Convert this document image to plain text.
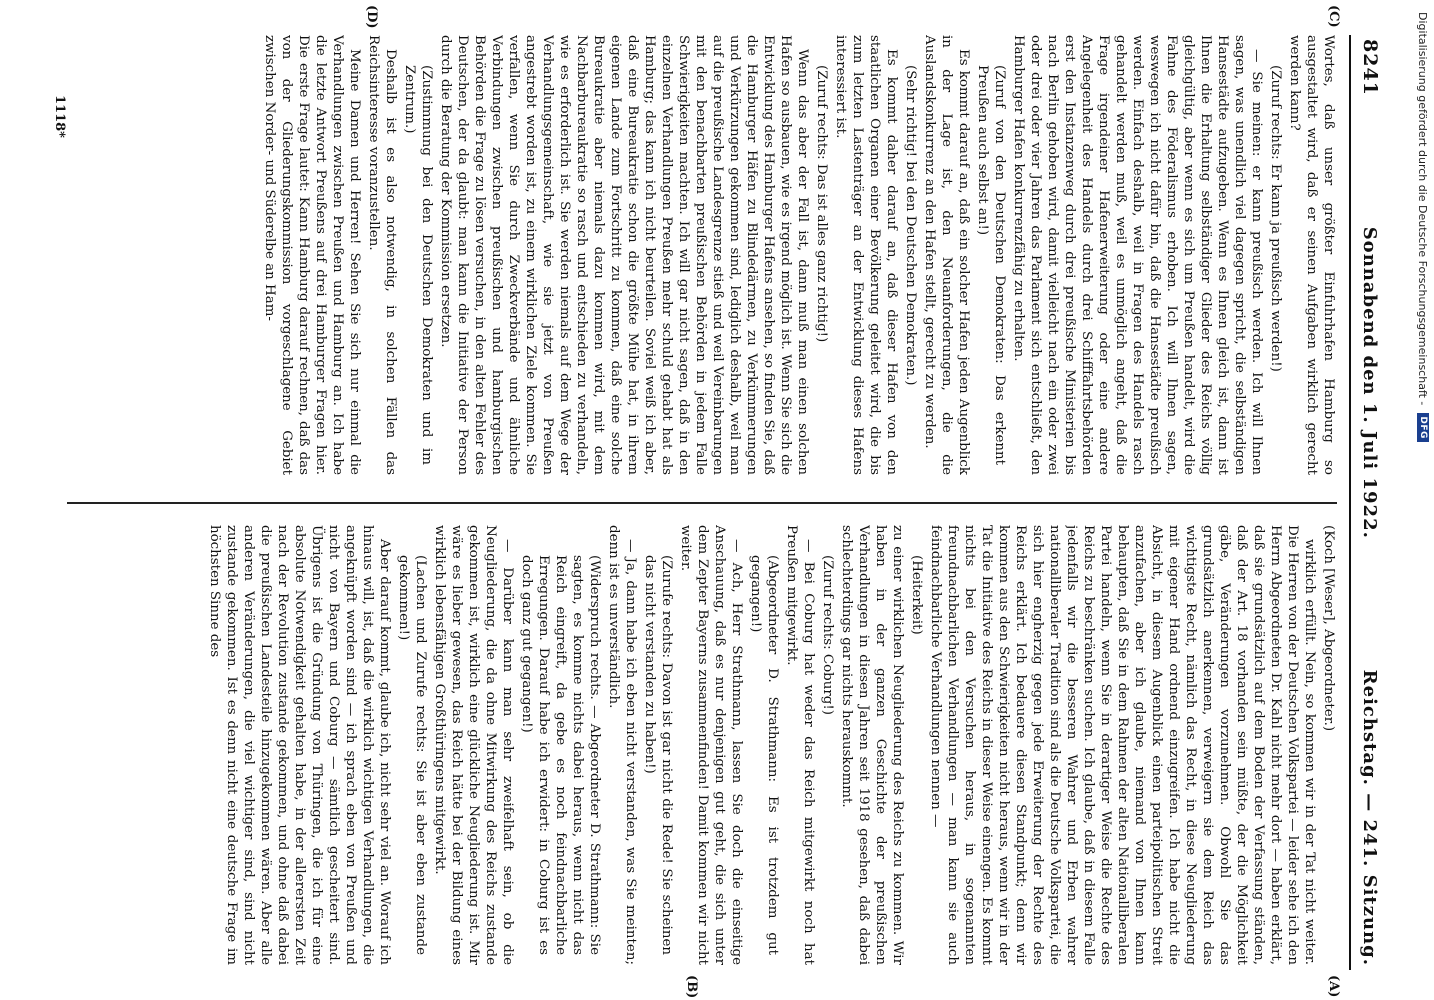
Digitalisierung gefördert durch die Deutsche Forschungsgemeinschaft -
DFG
8241
Sonnabend den 1. Juli 1922.
Reichstag. — 241. Sitzung.
(C)
(D)
(A)
(B)

Wortes, daß unser größter Einfuhrhafen Hamburg so ausgestaltet wird, daß er seinen Aufgaben wirklich gerecht werden kann?

(Zuruf rechts: Er kann ja preußisch werden!)

— Sie meinen: er kann preußisch werden. Ich will Ihnen sagen, was unendlich viel dagegen spricht, die selbständigen Hansestädte aufzugeben. Wenn es Ihnen gleich ist, dann ist Ihnen die Erhaltung selbständiger Glieder des Reichs völlig gleichgültig, aber wenn es sich um Preußen handelt, wird die Fahne des Föderalismus erhoben. Ich will Ihnen sagen, weswegen ich nicht dafür bin, daß die Hansestädte preußisch werden. Einfach deshalb, weil in Fragen des Handels rasch gehandelt werden muß, weil es unmöglich angeht, daß die Frage irgendeiner Hafenerweiterung oder eine andere Angelegenheit des Handels durch drei Schifffahrtsbehörden erst den Instanzenweg durch drei preußische Ministerien bis nach Berlin gehoben wird, damit vielleicht nach ein oder zwei oder drei oder vier Jahren das Parlament sich entschließt, den Hamburger Hafen konkurrenzfähig zu erhalten.

(Zuruf von den Deutschen Demokraten: Das erkennt Preußen auch selbst an!)

Es kommt darauf an, daß ein solcher Hafen jeden Augenblick in der Lage ist, den Neuanforderungen, die die Auslandskonkurrenz an den Hafen stellt, gerecht zu werden.

(Sehr richtig! bei den Deutschen Demokraten.)

Es kommt daher darauf an, daß dieser Hafen von den staatlichen Organen einer Bevölkerung geleitet wird, die bis zum letzten Lastenträger an der Entwicklung dieses Hafens interessiert ist.

(Zuruf rechts: Das ist alles ganz richtig!)

Wenn das aber der Fall ist, dann muß man einen solchen Hafen so ausbauen, wie es irgend möglich ist. Wenn Sie sich die Entwicklung des Hamburger Hafens ansehen, so finden Sie, daß die Hamburger Häfen zu Blindedärmen, zu Verkümmerungen und Verkürzungen gekommen sind, lediglich deshalb, weil man auf die preußische Landesgrenze stieß und weil Vereinbarungen mit den benachbarten preußischen Behörden in jedem Falle Schwierigkeiten machten. Ich will gar nicht sagen, daß in den einzelnen Verhandlungen Preußen mehr schuld gehabt hat als Hamburg; das kann ich nicht beurteilen. Soviel weiß ich aber, daß eine Bureaukratie schon die größte Mühe hat, in ihrem eigenen Lande zum Fortschritt zu kommen, daß eine solche Bureaukratie aber niemals dazu kommen wird, mit dem Nachbarbureaukratie so rasch und entschieden zu verhandeln, wie es erforderlich ist. Sie werden niemals auf dem Wege der Verhandlungsgemeinschaft, wie sie jetzt von Preußen angestrebt worden ist, zu einem wirklichen Ziele kommen. Sie verfallen, wenn Sie durch Zweckverbände und ähnliche Verbindungen zwischen preußischen und hamburgischen Behörden die Frage zu lösen versuchen, in den alten Fehler des Deutschen, der da glaubt: man kann die Initiative der Person durch die Beratung der Kommission ersetzen.

(Zustimmung bei den Deutschen Demokraten und im Zentrum.)

Deshalb ist es also notwendig, in solchen Fällen das Reichsinteresse voranzustellen.

Meine Damen und Herren! Sehen Sie sich nur einmal die Verhandlungen zwischen Preußen und Hamburg an. Ich habe die letzte Antwort Preußens auf drei Hamburger Fragen hier. Die erste Frage lautet: Kann Hamburg darauf rechnen, daß das von der Gliederungskommission vorgeschlagene Gebiet zwischen Norder- und Süderelbe an Ham-

(Koch [Weser], Abgeordneter.)

wirklich erfüllt. Nein, so kommen wir in der Tat nicht weiter. Die Herren von der Deutschen Volkspartei — leider sehe ich den Herrn Abgeordneten Dr. Kahl nicht mehr dort — haben erklärt, daß sie grundsätzlich auf dem Boden der Verfassung ständen, daß der Art. 18 vorhanden sein müßte, der die Möglichkeit gäbe, Veränderungen vorzunehmen. Obwohl Sie das grundsätzlich anerkennen, verweigern sie dem Reich das wichtigste Recht, nämlich das Recht, in diese Neugliederung mit eigener Hand ordnend einzugreifen. Ich habe nicht die Absicht, in diesem Augenblick einen parteipolitischen Streit anzufachen, aber ich glaube, niemand von Ihnen kann behaupten, daß Sie in dem Rahmen der alten Nationalliberalen Partei handeln, wenn Sie in derartiger Weise die Rechte des Reichs zu beschränken suchen. Ich glaube, daß in diesem Falle jedenfalls wir die besseren Wahrer und Erben wahrer nationalliberaler Tradition sind als die Deutsche Volkspartei, die sich hier engherzig gegen jede Erweiterung der Rechte des Reichs erklärt. Ich bedauere diesen Standpunkt; denn wir kommen aus den Schwierigkeiten nicht heraus, wenn wir in der Tat die Initiative des Reichs in dieser Weise einengen. Es kommt nichts bei den Versuchen heraus, in sogenannten freundnachbarlichen Verhandlungen — man kann sie auch feindnachbarliche Verhandlungen nennen —

(Heiterkeit)

zu einer wirklichen Neugliederung des Reichs zu kommen. Wir haben in der ganzen Geschichte der preußischen Verhandlungen in diesen Jahren seit 1918 gesehen, daß dabei schlechterdings gar nichts herauskommt.

(Zuruf rechts: Coburg!)

— Bei Coburg hat weder das Reich mitgewirkt noch hat Preußen mitgewirkt.

(Abgeordneter D. Strathmann: Es ist trotzdem gut gegangen!)

— Ach, Herr Strathmann, lassen Sie doch die einseitige Anschauung, daß es nur denjenigen gut geht, die sich unter dem Zepter Bayerns zusammenfinden! Damit kommen wir nicht weiter.

(Zurufe rechts: Davon ist gar nicht die Rede! Sie scheinen das nicht verstanden zu haben!)

— Ja, dann habe ich eben nicht verstanden, was Sie meinten; denn ist es unverständlich.

(Widerspruch rechts. — Abgeordneter D. Strathmann: Sie sagten, es komme nichts dabei heraus, wenn nicht das Reich eingreift, da gebe es noch feindnachbarliche Erregungen. Darauf habe ich erwidert: in Coburg ist es doch ganz gut gegangen!)

— Darüber kann man sehr zweifelhaft sein, ob die Neugliederung, die da ohne Mitwirkung des Reichs zustande gekommen ist, wirklich eine glückliche Neugliederung ist. Mir wäre es lieber gewesen, das Reich hätte bei der Bildung eines wirklich lebensfähigen Großthüringens mitgewirkt.

(Lachen und Zurufe rechts: Sie ist aber eben zustande gekommen!)

Aber darauf kommt, glaube ich, nicht sehr viel an. Worauf ich hinaus will, ist, daß die wirklich wichtigen Verhandlungen, die angeknüpft worden sind — ich sprach eben von Preußen und nicht von Bayern und Coburg — sämtlich gescheitert sind. Übrigens ist die Gründung von Thüringen, die ich für eine absolute Notwendigkeit gehalten habe, in der allerersten Zeit nach der Revolution zustande gekommen, und ohne daß dabei die preußischen Landesteile hinzugekommen wären. Aber alle anderen Veränderungen, die viel wichtiger sind, sind nicht zustande gekommen. Ist es denn nicht eine deutsche Frage im höchsten Sinne des

1118*
